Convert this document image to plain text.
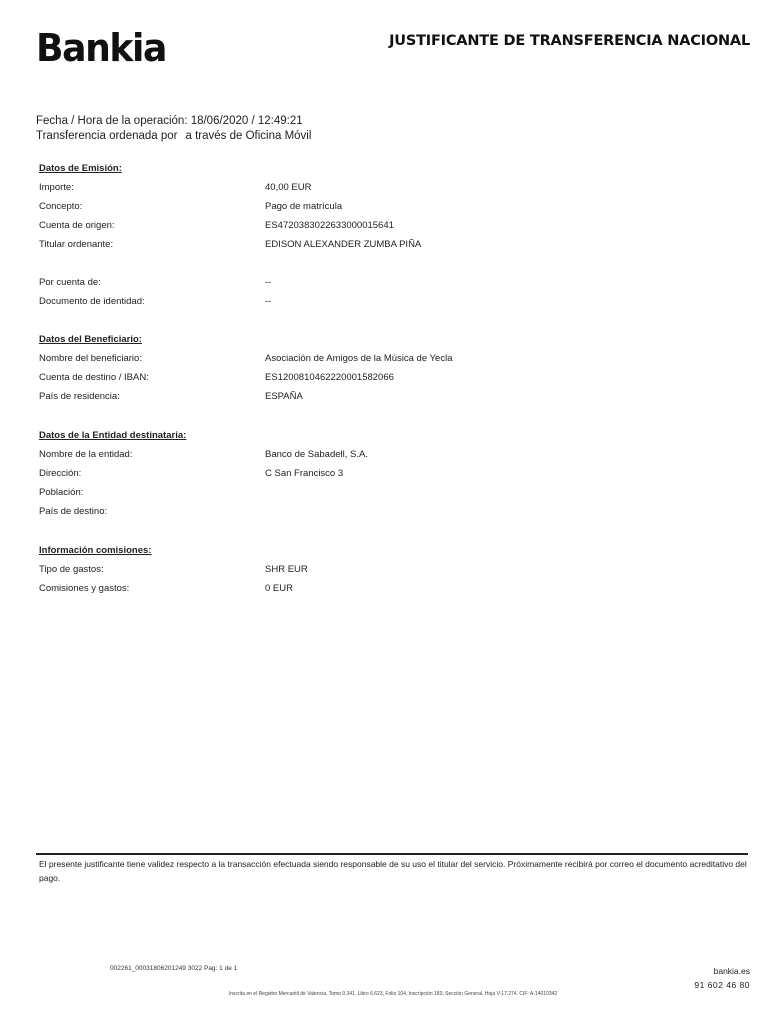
Bankia	JUSTIFICANTE DE TRANSFERENCIA NACIONAL
Fecha / Hora de la operación: 18/06/2020 / 12:49:21
Transferencia ordenada por a través de Oficina Móvil
Datos de Emisión:
Importe:	40,00 EUR
Concepto:	Pago de matrícula
Cuenta de origen:	ES4720383022633000015641
Titular ordenante:	EDISON ALEXANDER ZUMBA PIÑA
Por cuenta de:	--
Documento de identidad:	--
Datos del Beneficiario:
Nombre del beneficiario:	Asociación de Amigos de la Música de Yecla
Cuenta de destino / IBAN:	ES1200810462220001582066
País de residencia:	ESPAÑA
Datos de la Entidad destinataria:
Nombre de la entidad:	Banco de Sabadell, S.A.
Dirección:	C San Francisco 3
Población:
País de destino:
Información comisiones:
Tipo de gastos:	SHR EUR
Comisiones y gastos:	0 EUR
El presente justificante tiene validez respecto a la transacción efectuada siendo responsable de su uso el titular del servicio. Próximamente recibirá por correo el documento acreditativo del pago.
002261_00031806201249 3022 Pag: 1 de 1	bankia.es
91 602 46 80
Inscrita en el Registro Mercantil de Valencia, Tomo 9.341, Libro 6.623, Folio 104, Inscripción 183, Sección General, Hoja V-17.274. CIF: A-14010342
